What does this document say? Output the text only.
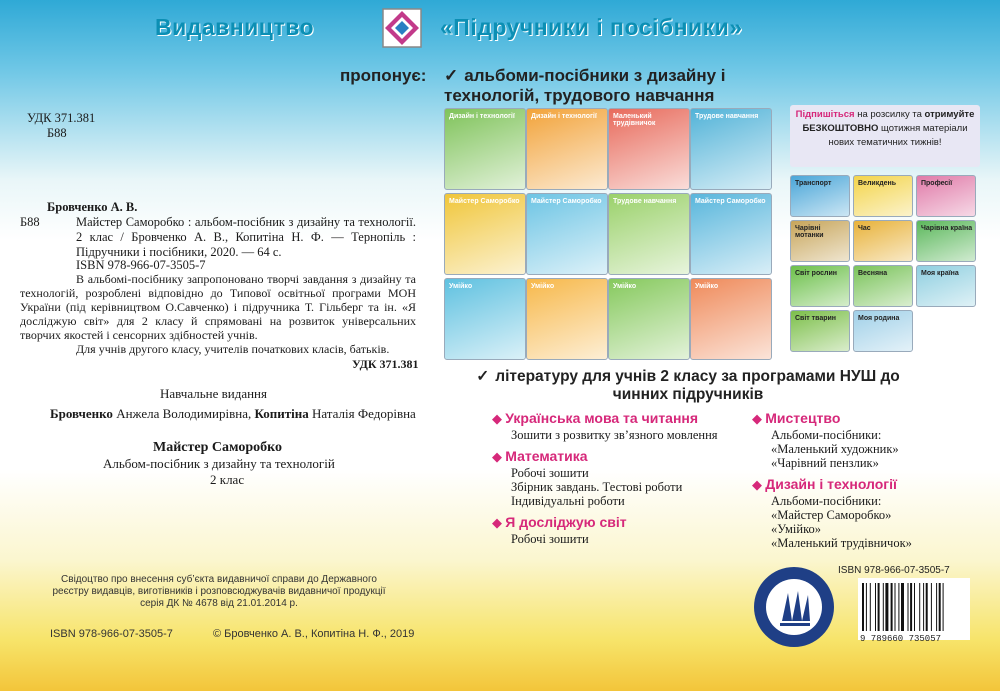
Видавництво	«Підручники і посібники»
пропонує: ✓ альбоми-посібники з дизайну і технологій, трудового навчання
УДК 371.381
Б88
Бровченко А. В.
Б88	Майстер Саморобко : альбом-посібник з дизайну та технології. 2 клас / Бровченко А. В., Копитіна Н. Ф. — Тернопіль : Підручники і посібники, 2020. — 64 с.
ISBN 978-966-07-3505-7
В альбомі-посібнику запропоновано творчі завдання з дизайну та технологій, розроблені відповідно до Типової освітньої програми МОН України (під керівництвом О.Савченко) і підручника Т. Гільберг та ін. «Я досліджую світ» для 2 класу й спрямовані на розвиток універсальних творчих якостей і сенсорних здібностей учнів.
Для учнів другого класу, учителів початкових класів, батьків.
УДК 371.381
Навчальне видання
Бровченко Анжела Володимирівна, Копитіна Наталія Федорівна
Майстер Саморобко
Альбом-посібник з дизайну та технологій
2 клас
Свідоцтво про внесення суб’єкта видавничої справи до Державного реєстру видавців, виготівників і розповсюджувачів видавничої продукції серія ДК № 4678 від 21.01.2014 р.
ISBN 978-966-07-3505-7	© Бровченко А. В., Копитіна Н. Ф., 2019
Дизайн і технології Дизайн і технології Маленький трудівничок
Трудове навчання
Майстер Саморобко Майстер Саморобко Трудове навчання	Майстер Саморобко
Умійко	Умійко	Умійко	Умійко
Підпишіться на розсилку та отримуйте БЕЗКОШТОВНО щотижня матеріали нових тематичних тижнів!
Транспорт	Великдень	Професії
Чарівні мотанки
Час	Чарівна країна
Світ рослин	Весняна	Моя країна
Світ тварин	Моя родина
✓ літературу для учнів 2 класу за програмами НУШ до чинних підручників
◆ Українська мова та читання
Зошити з розвитку зв’язного мовлення
◆ Математика
Робочі зошити
Збірник завдань. Тестові роботи
Індивідуальні роботи
◆ Я досліджую світ
Робочі зошити
◆ Мистецтво
Альбоми-посібники:
«Маленький художник»
«Чарівний пензлик»
◆ Дизайн і технології
Альбоми-посібники:
«Майстер Саморобко»
«Умійко»
«Маленький трудівничок»
ISBN 978-966-07-3505-7
9 789660 735057
